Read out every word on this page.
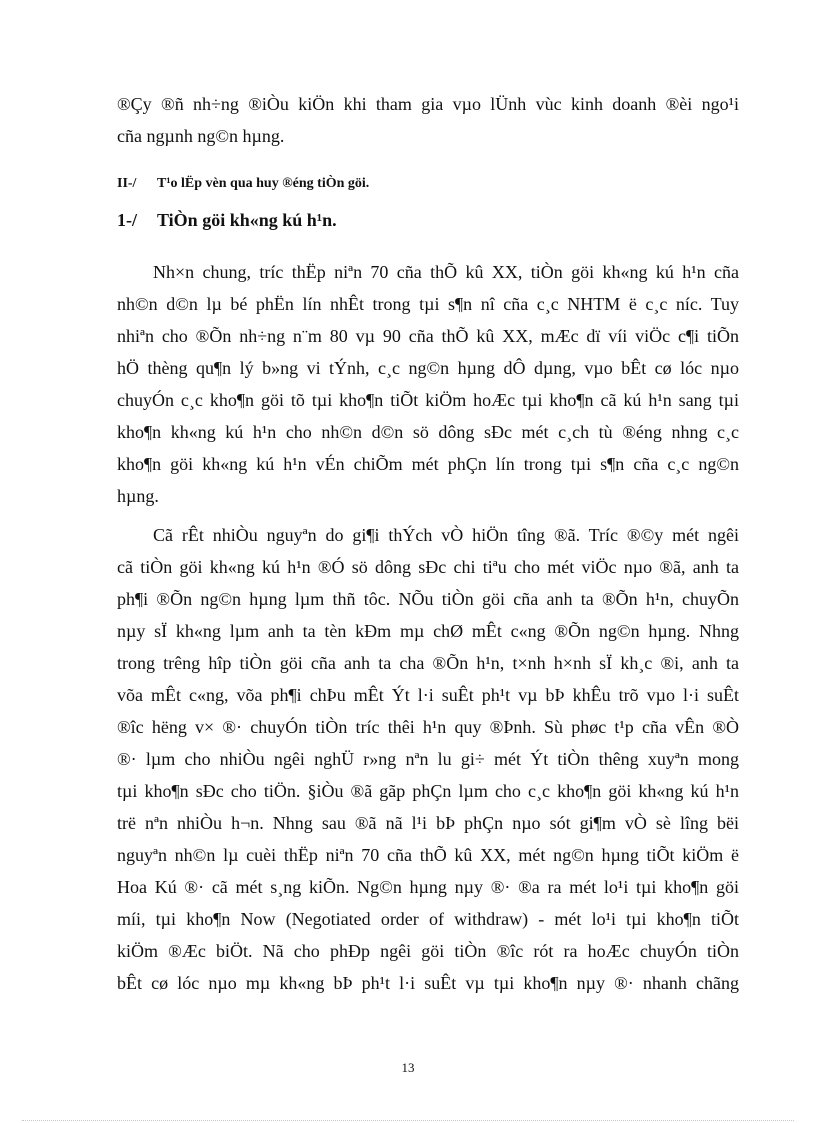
®Çy ®ñ nh÷ng ®iÒu kiÖn khi tham gia vµo lÜnh vùc kinh doanh ®èi ngo¹i
cña ngµnh ng©n hµng.
II-/ T¹o lËp vèn qua huy ®éng tiÒn göi.
1-/ TiÒn göi kh«ng kú h¹n.
Nh×n chung, tríc thËp niªn 70 cña thÕ kû XX, tiÒn göi kh«ng kú h¹n cña
nh©n d©n lµ bé phËn lín nhÊt trong tµi s¶n nî cña c¸c NHTM ë c¸c níc. Tuy
nhiªn cho ®Õn nh÷ng n¨m 80 vµ 90 cña thÕ kû XX, mÆc dï víi viÖc c¶i tiÕn
hÖ thèng qu¶n lý b»ng vi tÝnh, c¸c ng©n hµng dÔ dµng, vµo bÊt cø lóc nµo
chuyÓn c¸c kho¶n göi tõ tµi kho¶n tiÕt kiÖm hoÆc tµi kho¶n cã kú h¹n sang tµi
kho¶n kh«ng kú h¹n cho nh©n d©n sö dông sÐc mét c¸ch tù ®éng nhng c¸c
kho¶n göi kh«ng kú h¹n vÉn chiÕm mét phÇn lín trong tµi s¶n cña c¸c ng©n
hµng.
Cã rÊt nhiÒu nguyªn do gi¶i thÝch vÒ hiÖn tîng ®ã. Tríc ®©y mét ngêi
cã tiÒn göi kh«ng kú h¹n ®Ó sö dông sÐc chi tiªu cho mét viÖc nµo ®ã, anh ta
ph¶i ®Õn ng©n hµng lµm thñ tôc. NÕu tiÒn göi cña anh ta ®Õn h¹n, chuyÕn
nµy sÏ kh«ng lµm anh ta tèn kÐm mµ chØ mÊt c«ng ®Õn ng©n hµng. Nhng
trong trêng hîp tiÒn göi cña anh ta cha ®Õn h¹n, t×nh h×nh sÏ kh¸c ®i, anh ta
võa mÊt c«ng, võa ph¶i chÞu mÊt Ýt l·i suÊt ph¹t vµ bÞ khÊu trõ vµo l·i suÊt
®îc hëng v× ®· chuyÓn tiÒn tríc thêi h¹n quy ®Þnh. Sù phøc t¹p cña vÊn ®Ò
®· lµm cho nhiÒu ngêi nghÜ r»ng nªn lu gi÷ mét Ýt tiÒn thêng xuyªn mong
tµi kho¶n sÐc cho tiÖn. §iÒu ®ã gãp phÇn lµm cho c¸c kho¶n göi kh«ng kú h¹n
trë nªn nhiÒu h¬n. Nhng sau ®ã nã l¹i bÞ phÇn nµo sót gi¶m vÒ sè lîng bëi
nguyªn nh©n lµ cuèi thËp niªn 70 cña thÕ kû XX, mét ng©n hµng tiÕt kiÖm ë
Hoa Kú ®· cã mét s¸ng kiÕn. Ng©n hµng nµy ®· ®a ra mét lo¹i tµi kho¶n göi
míi, tµi kho¶n Now (Negotiated order of withdraw) - mét lo¹i tµi kho¶n tiÕt
kiÖm ®Æc biÖt. Nã cho phÐp ngêi göi tiÒn ®îc rót ra hoÆc chuyÓn tiÒn
bÊt cø lóc nµo mµ kh«ng bÞ ph¹t l·i suÊt vµ tµi kho¶n nµy ®· nhanh chãng
13
